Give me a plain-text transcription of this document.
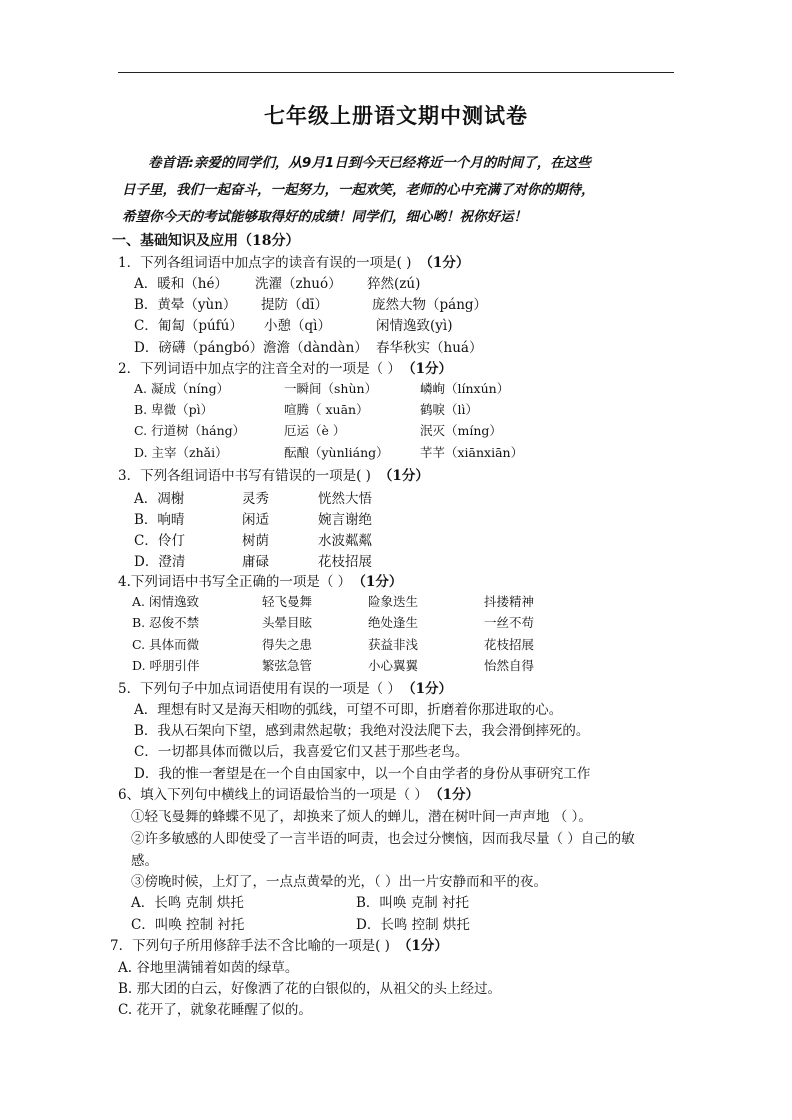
七年级上册语文期中测试卷
卷首语:亲爱的同学们，从9月1日到今天已经将近一个月的时间了，在这些
日子里，我们一起奋斗，一起努力，一起欢笑，老师的心中充满了对你的期待，
希望你今天的考试能够取得好的成绩！同学们，细心哟！祝你好运！
一、基础知识及应用（18分）
1．下列各组词语中加点字的读音有误的一项是( ) （1分）
A．暖和（hé） 洗濯（zhuó） 猝然(zú)
B．黄晕（yùn） 提防（dī）	庞然大物（páng）
C．匍匐（púfú） 小憩（qì）	闲情逸致(yì)
D．磅礴（pángbó） 澹澹（dàndàn） 春华秋实（huá）
2．下列词语中加点字的注音全对的一项是（ ） （1分）
A. 凝成（níng）	一瞬间（shùn）	嶙峋（línxún）
B. 卑微（pì）	喧腾（ xuān）	鹤唳（lì）
C. 行道树（háng）	厄运（è ）	泯灭（míng）
D. 主宰（zhǎi）	酝酿（yùnliáng）	芊芊（xiānxiān）
3．下列各组词语中书写有错误的一项是( ) （1分）
A．凋榭	灵秀	恍然大悟
B．响晴	闲适	婉言谢绝
C．伶仃	树荫	水波粼粼
D．澄清	庸碌	花枝招展
4.下列词语中书写全正确的一项是（ ） （1分）
A. 闲情逸致	轻飞曼舞	险象迭生	抖搂精神
B. 忍俊不禁	头晕目眩	绝处逢生	一丝不苟
C. 具体而微	得失之患	获益非浅	花枝招展
D. 呼朋引伴	繁弦急管	小心翼翼	怡然自得
5．下列句子中加点词语使用有误的一项是（ ） （1分）
A．理想有时又是海天相吻的弧线，可望不可即，折磨着你那进取的心。
B．我从石架向下望，感到肃然起敬；我绝对没法爬下去，我会滑倒摔死的。
C．一切都具体而微以后，我喜爱它们又甚于那些老鸟。
D．我的惟一奢望是在一个自由国家中，以一个自由学者的身份从事研究工作
6、填入下列句中横线上的词语最恰当的一项是（ ） （1分）
①轻飞曼舞的蜂蝶不见了，却换来了烦人的蝉儿，潜在树叶间一声声地 （ ）。
②许多敏感的人即使受了一言半语的呵责，也会过分懊恼，因而我尽量（ ）自己的敏
感。
③傍晚时候，上灯了，一点点黄晕的光，（ ）出一片安静而和平的夜。
A．长鸣 克制 烘托	B．叫唤 克制 衬托
C．叫唤 控制 衬托	D．长鸣 控制 烘托
7．下列句子所用修辞手法不含比喻的一项是( ) （1分）
A. 谷地里满铺着如茵的绿草。
B. 那大团的白云，好像洒了花的白银似的，从祖父的头上经过。
C. 花开了，就象花睡醒了似的。
